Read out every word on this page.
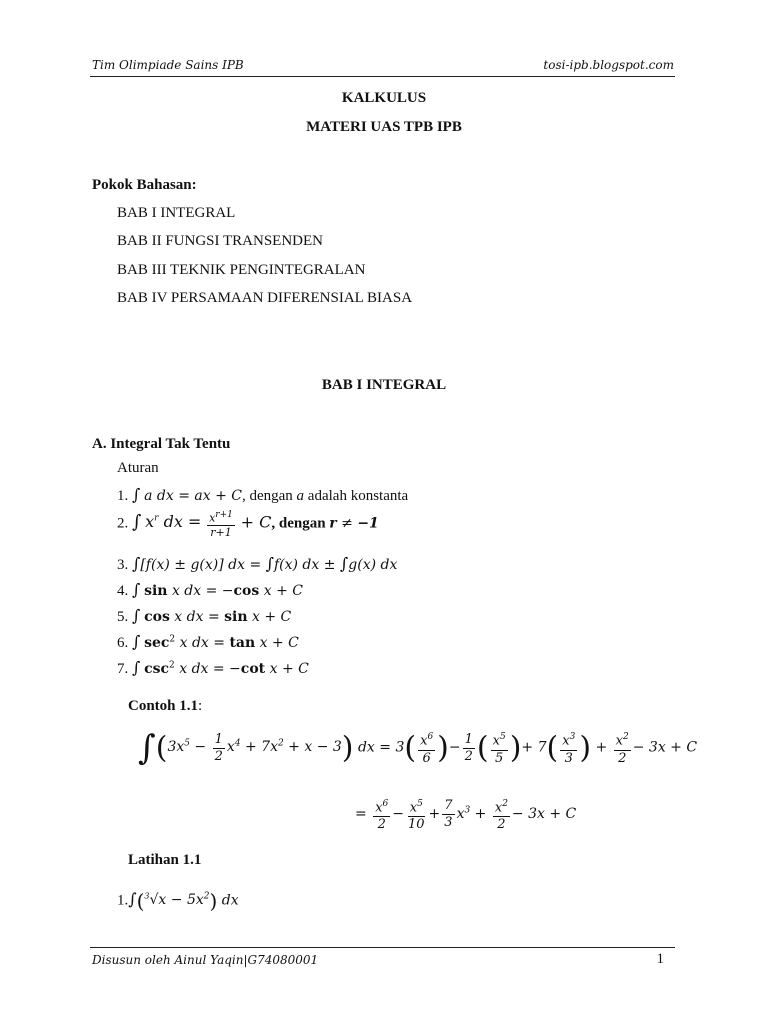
Tim Olimpiade Sains IPB	tosi-ipb.blogspot.com
KALKULUS
MATERI UAS TPB IPB
Pokok Bahasan:
BAB I INTEGRAL
BAB II FUNGSI TRANSENDEN
BAB III TEKNIK PENGINTEGRALAN
BAB IV PERSAMAAN DIFERENSIAL BIASA
BAB I INTEGRAL
A. Integral Tak Tentu
Aturan
1. ∫ a dx = ax + C, dengan a adalah konstanta
2. ∫ $x^r$ dx = $\frac{x^{r+1}}{r+1} + C$, dengan r ≠ −1
3. ∫[f(x) ± g(x)] dx = ∫f(x) dx ± ∫g(x) dx
4. ∫ sin x dx = −cos x + C
5. ∫ cos x dx = sin x + C
6. ∫ $\sec^2 x$ dx = tan x + C
7. ∫ $\csc^2 x$ dx = −cot x + C
Contoh 1.1:
$\int(3x^5 - \frac{1}{2} x^4 + 7x^2 + x - 3)$ dx = $3( \frac{x^6}{6}$ )− $\frac{1}{2}$ ( $\frac{x^5}{5}$ )+ $7( \frac{x^3}{3}$ ) + $\frac{x^2}{2} - 3x + C$
= $\frac{x^6}{2} - \frac{x^5}{10} + \frac{7}{3} x^3 + \frac{x^2}{2} - 3x + C$
Latihan 1.1
$1.\int(^3√x - 5x^2)$ dx
Disusun oleh Ainul Yaqin|G74080001	1
